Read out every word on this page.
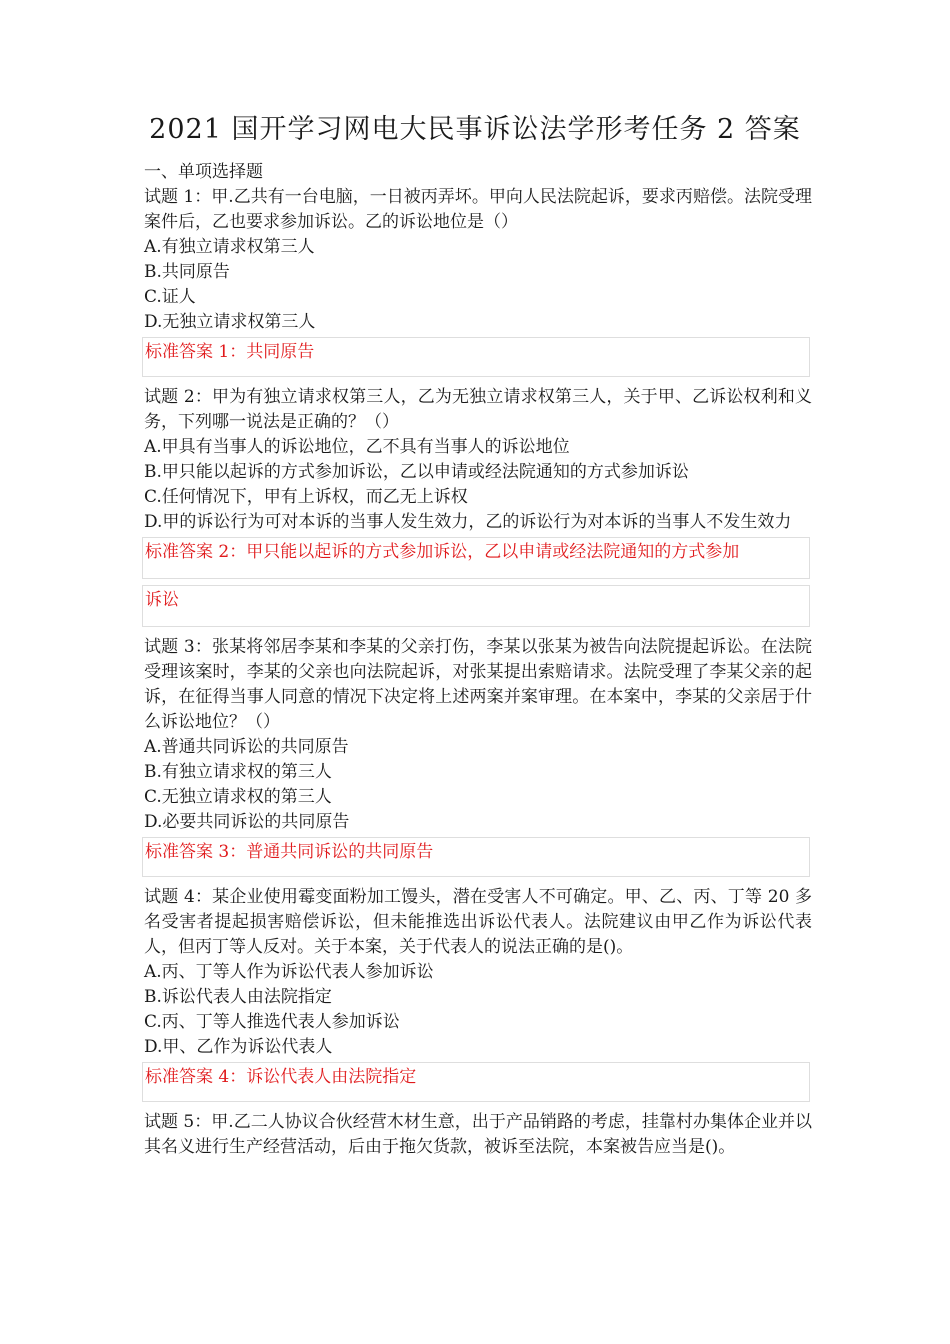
2021 国开学习网电大民事诉讼法学形考任务 2 答案

一、单项选择题

试题 1：甲.乙共有一台电脑，一日被丙弄坏。甲向人民法院起诉，要求丙赔偿。法院受理案件后，乙也要求参加诉讼。乙的诉讼地位是（）

A.有独立请求权第三人

B.共同原告

C.证人

D.无独立请求权第三人

标准答案 1：共同原告

试题 2：甲为有独立请求权第三人，乙为无独立请求权第三人，关于甲、乙诉讼权利和义务，下列哪一说法是正确的？（）

A.甲具有当事人的诉讼地位，乙不具有当事人的诉讼地位

B.甲只能以起诉的方式参加诉讼，乙以申请或经法院通知的方式参加诉讼

C.任何情况下，甲有上诉权，而乙无上诉权

D.甲的诉讼行为可对本诉的当事人发生效力，乙的诉讼行为对本诉的当事人不发生效力

标准答案 2：甲只能以起诉的方式参加诉讼，乙以申请或经法院通知的方式参加
诉讼

试题 3：张某将邻居李某和李某的父亲打伤，李某以张某为被告向法院提起诉讼。在法院受理该案时，李某的父亲也向法院起诉，对张某提出索赔请求。法院受理了李某父亲的起诉，在征得当事人同意的情况下决定将上述两案并案审理。在本案中，李某的父亲居于什么诉讼地位？（）

A.普通共同诉讼的共同原告

B.有独立请求权的第三人

C.无独立请求权的第三人

D.必要共同诉讼的共同原告

标准答案 3：普通共同诉讼的共同原告

试题 4：某企业使用霉变面粉加工馒头，潜在受害人不可确定。甲、乙、丙、丁等 20 多名受害者提起损害赔偿诉讼，但未能推选出诉讼代表人。法院建议由甲乙作为诉讼代表人，但丙丁等人反对。关于本案，关于代表人的说法正确的是()。

A.丙、丁等人作为诉讼代表人参加诉讼

B.诉讼代表人由法院指定

C.丙、丁等人推选代表人参加诉讼

D.甲、乙作为诉讼代表人

标准答案 4：诉讼代表人由法院指定

试题 5：甲.乙二人协议合伙经营木材生意，出于产品销路的考虑，挂靠村办集体企业并以其名义进行生产经营活动，后由于拖欠货款，被诉至法院，本案被告应当是()。
